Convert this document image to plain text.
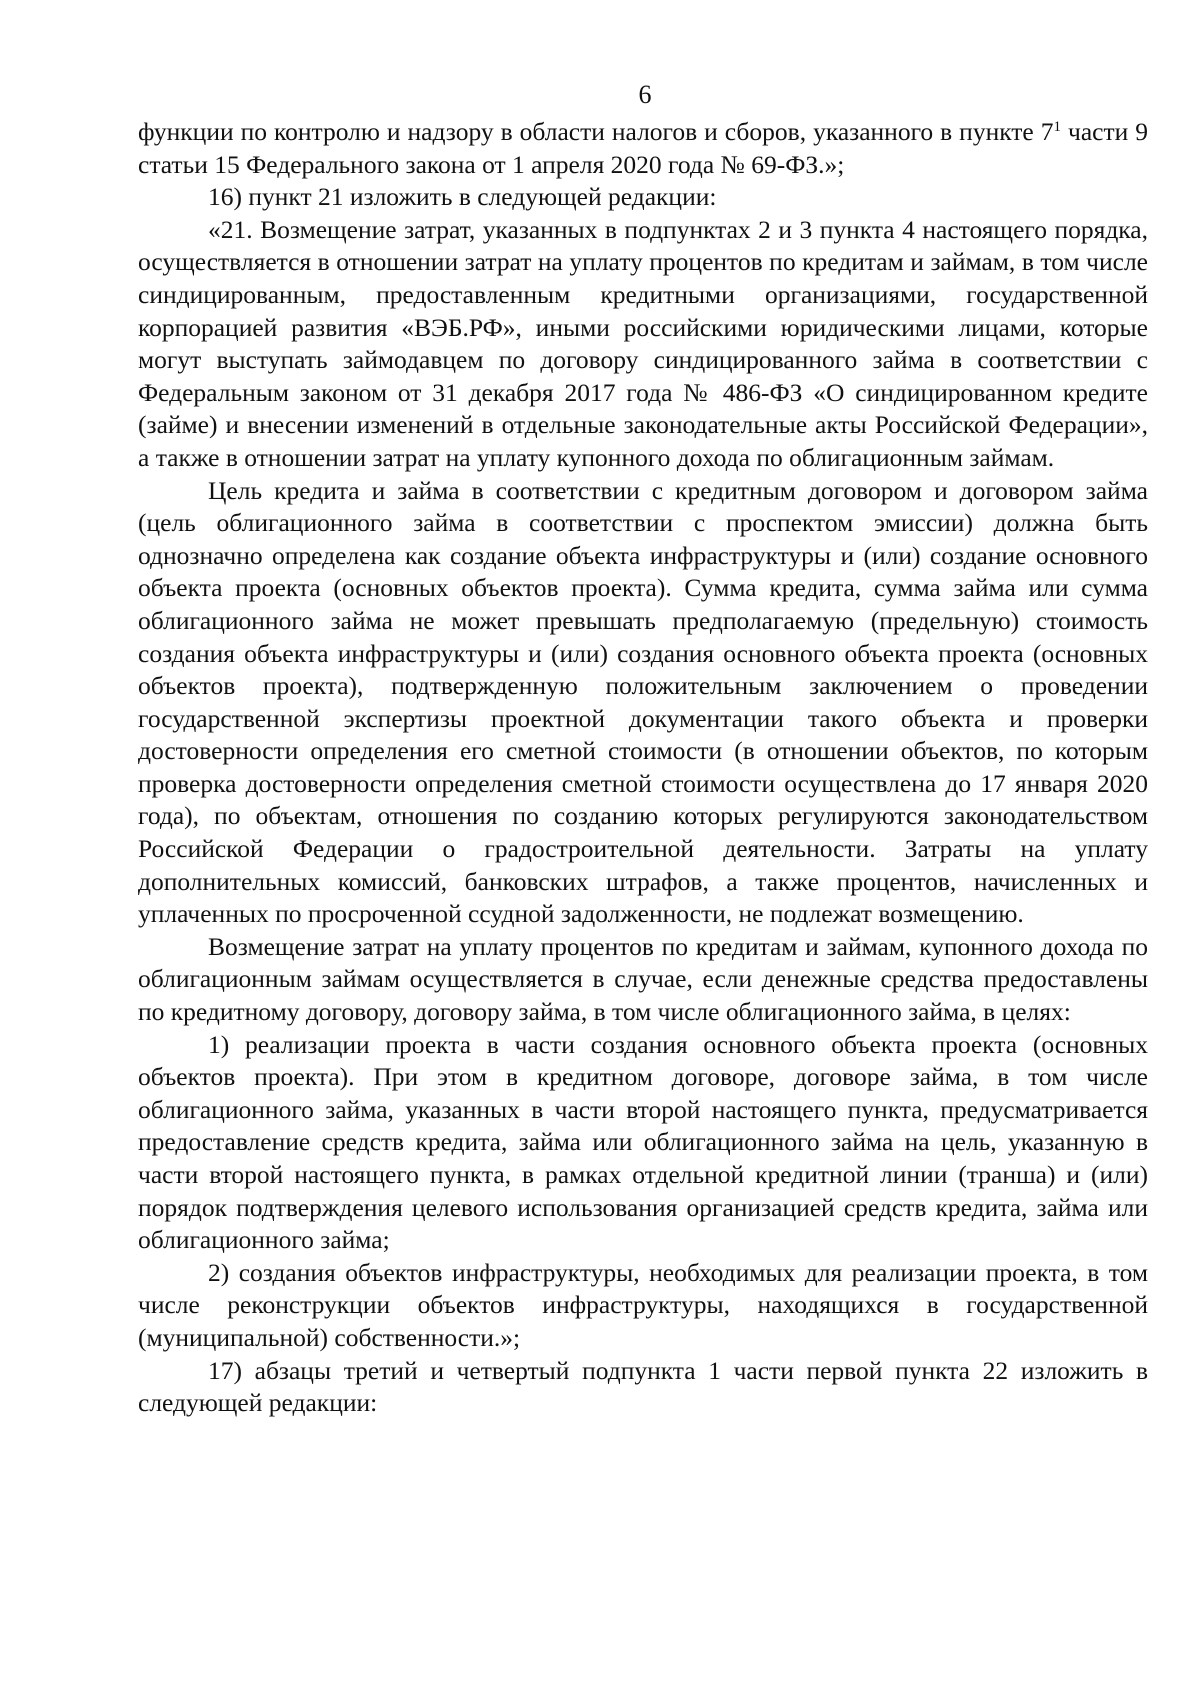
6

функции по контролю и надзору в области налогов и сборов, указанного в пункте $7^1$ части 9 статьи 15 Федерального закона от 1 апреля 2020 года № 69-ФЗ.»;

16) пункт 21 изложить в следующей редакции:

«21. Возмещение затрат, указанных в подпунктах 2 и 3 пункта 4 настоящего порядка, осуществляется в отношении затрат на уплату процентов по кредитам и займам, в том числе синдицированным, предоставленным кредитными организациями, государственной корпорацией развития «ВЭБ.РФ», иными российскими юридическими лицами, которые могут выступать займодавцем по договору синдицированного займа в соответствии с Федеральным законом от 31 декабря 2017 года № 486-ФЗ «О синдицированном кредите (займе) и внесении изменений в отдельные законодательные акты Российской Федерации», а также в отношении затрат на уплату купонного дохода по облигационным займам.

Цель кредита и займа в соответствии с кредитным договором и договором займа (цель облигационного займа в соответствии с проспектом эмиссии) должна быть однозначно определена как создание объекта инфраструктуры и (или) создание основного объекта проекта (основных объектов проекта). Сумма кредита, сумма займа или сумма облигационного займа не может превышать предполагаемую (предельную) стоимость создания объекта инфраструктуры и (или) создания основного объекта проекта (основных объектов проекта), подтвержденную положительным заключением о проведении государственной экспертизы проектной документации такого объекта и проверки достоверности определения его сметной стоимости (в отношении объектов, по которым проверка достоверности определения сметной стоимости осуществлена до 17 января 2020 года), по объектам, отношения по созданию которых регулируются законодательством Российской Федерации о градостроительной деятельности. Затраты на уплату дополнительных комиссий, банковских штрафов, а также процентов, начисленных и уплаченных по просроченной ссудной задолженности, не подлежат возмещению.

Возмещение затрат на уплату процентов по кредитам и займам, купонного дохода по облигационным займам осуществляется в случае, если денежные средства предоставлены по кредитному договору, договору займа, в том числе облигационного займа, в целях:

1) реализации проекта в части создания основного объекта проекта (основных объектов проекта). При этом в кредитном договоре, договоре займа, в том числе облигационного займа, указанных в части второй настоящего пункта, предусматривается предоставление средств кредита, займа или облигационного займа на цель, указанную в части второй настоящего пункта, в рамках отдельной кредитной линии (транша) и (или) порядок подтверждения целевого использования организацией средств кредита, займа или облигационного займа;

2) создания объектов инфраструктуры, необходимых для реализации проекта, в том числе реконструкции объектов инфраструктуры, находящихся в государственной (муниципальной) собственности.»;

17) абзацы третий и четвертый подпункта 1 части первой пункта 22 изложить в следующей редакции:
